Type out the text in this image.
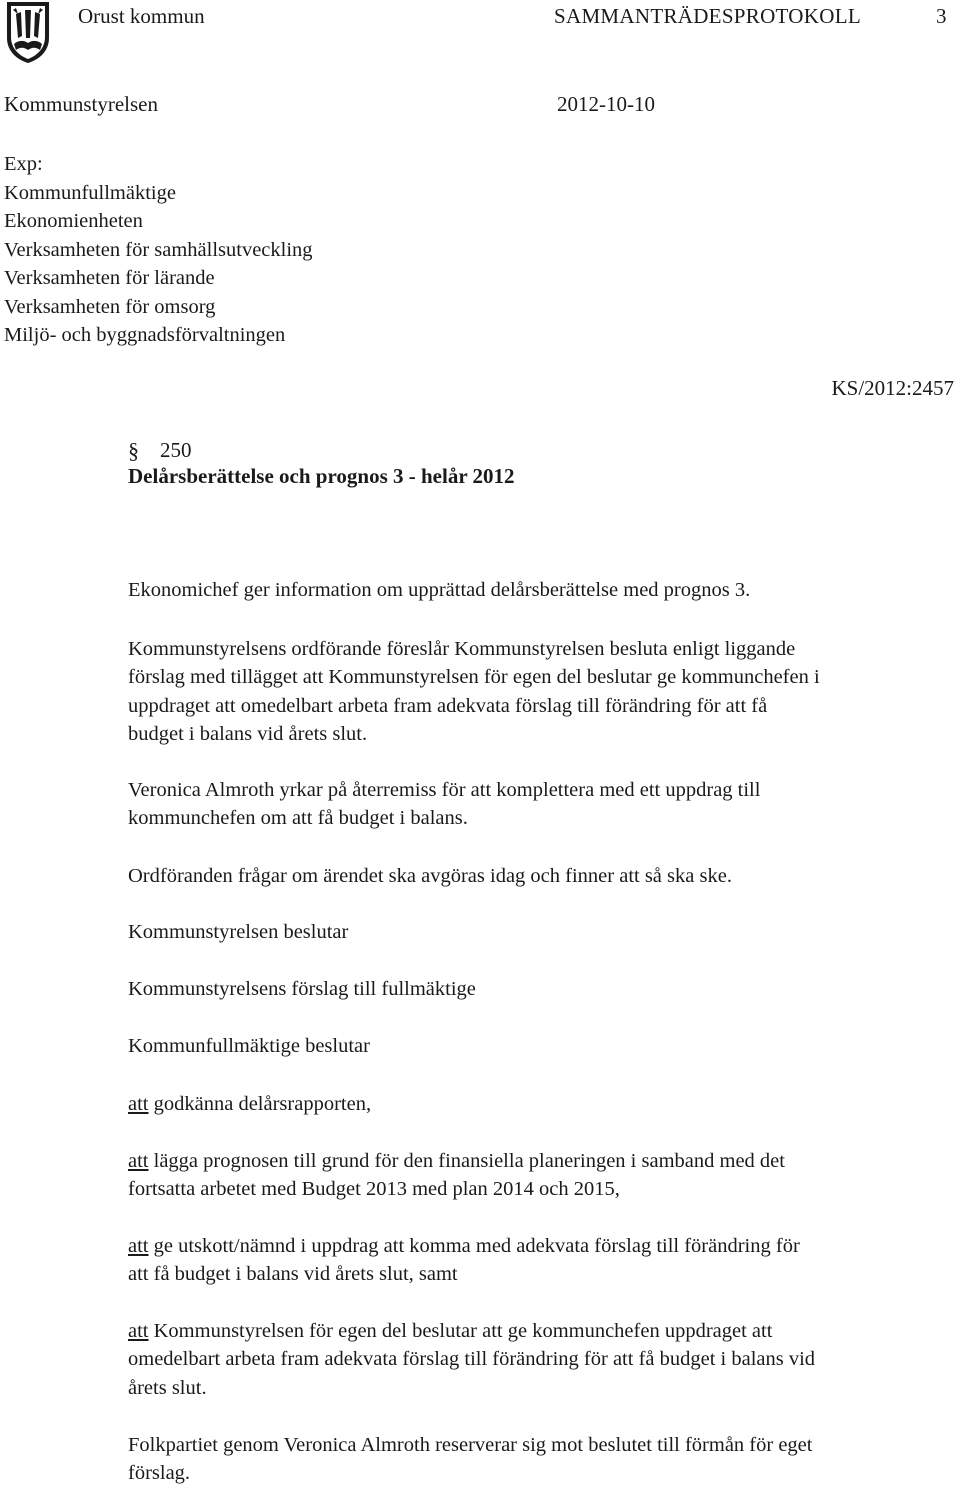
Orust kommun	SAMMANTRÄDESPROTOKOLL	3
Kommunstyrelsen	2012-10-10
Exp:
Kommunfullmäktige
Ekonomienheten
Verksamheten för samhällsutveckling
Verksamheten för lärande
Verksamheten för omsorg
Miljö- och byggnadsförvaltningen
KS/2012:2457
§ 250
Delårsberättelse och prognos 3 - helår 2012
Ekonomichef ger information om upprättad delårsberättelse med prognos 3.
Kommunstyrelsens ordförande föreslår Kommunstyrelsen besluta enligt liggande
förslag med tillägget att Kommunstyrelsen för egen del beslutar ge kommunchefen i
uppdraget att omedelbart arbeta fram adekvata förslag till förändring för att få
budget i balans vid årets slut.
Veronica Almroth yrkar på återremiss för att komplettera med ett uppdrag till
kommunchefen om att få budget i balans.
Ordföranden frågar om ärendet ska avgöras idag och finner att så ska ske.
Kommunstyrelsen beslutar
Kommunstyrelsens förslag till fullmäktige
Kommunfullmäktige beslutar
att godkänna delårsrapporten,
att lägga prognosen till grund för den finansiella planeringen i samband med det
fortsatta arbetet med Budget 2013 med plan 2014 och 2015,
att ge utskott/nämnd i uppdrag att komma med adekvata förslag till förändring för
att få budget i balans vid årets slut, samt
att Kommunstyrelsen för egen del beslutar att ge kommunchefen uppdraget att
omedelbart arbeta fram adekvata förslag till förändring för att få budget i balans vid
årets slut.
Folkpartiet genom Veronica Almroth reserverar sig mot beslutet till förmån för eget
förslag.
